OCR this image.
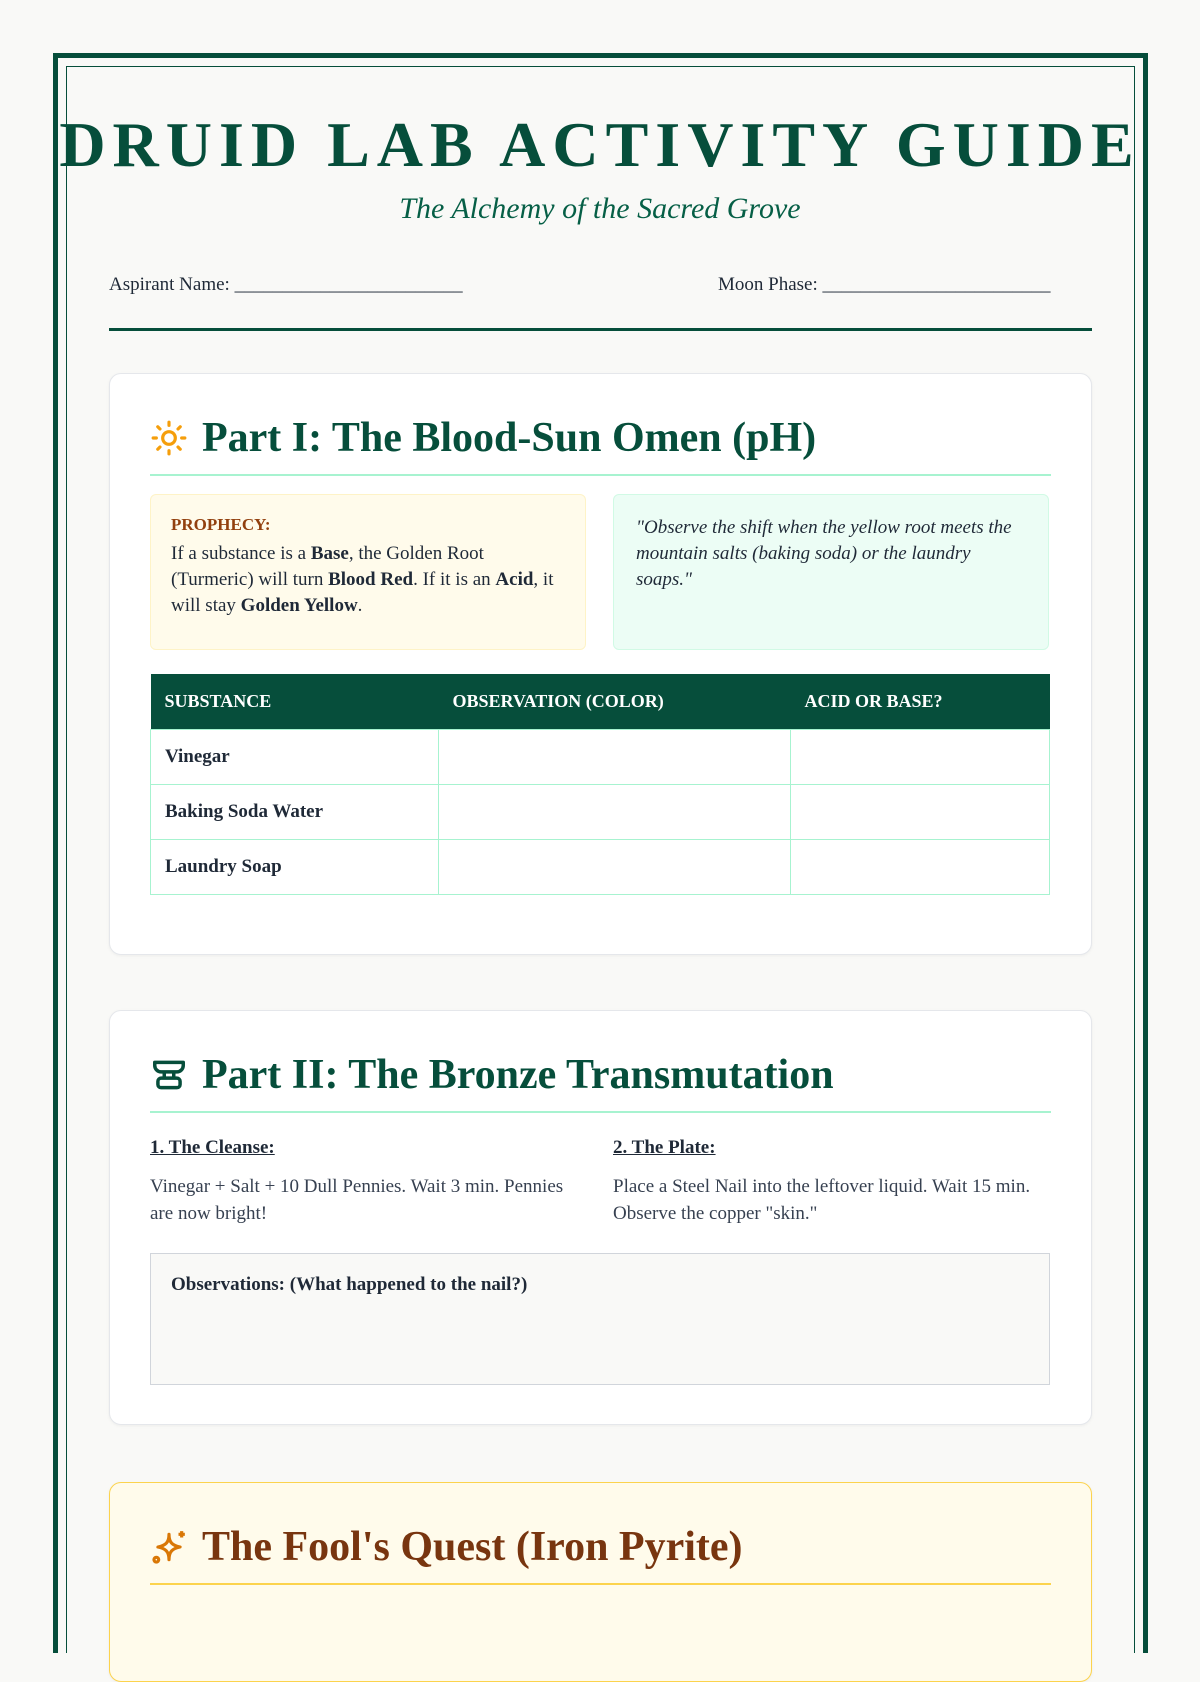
DRUID LAB ACTIVITY GUIDE
The Alchemy of the Sacred Grove
Aspirant Name: ________________________	Moon Phase: ________________________
Part I: The Blood-Sun Omen (pH)
PROPHECY:

If a substance is a Base, the Golden Root (Turmeric) will turn Blood Red. If it is an Acid, it will stay Golden Yellow.

"Observe the shift when the yellow root meets the mountain salts (baking soda) or the laundry soaps."
SUBSTANCE	OBSERVATION (COLOR)	ACID OR BASE?
Vinegar		
Baking Soda Water		
Laundry Soap		
Part II: The Bronze Transmutation
1. The Cleanse:

Vinegar + Salt + 10 Dull Pennies. Wait 3 min. Pennies are now bright!

2. The Plate:

Place a Steel Nail into the leftover liquid. Wait 15 min. Observe the copper "skin."

Observations: (What happened to the nail?)
The Fool's Quest (Iron Pyrite)
